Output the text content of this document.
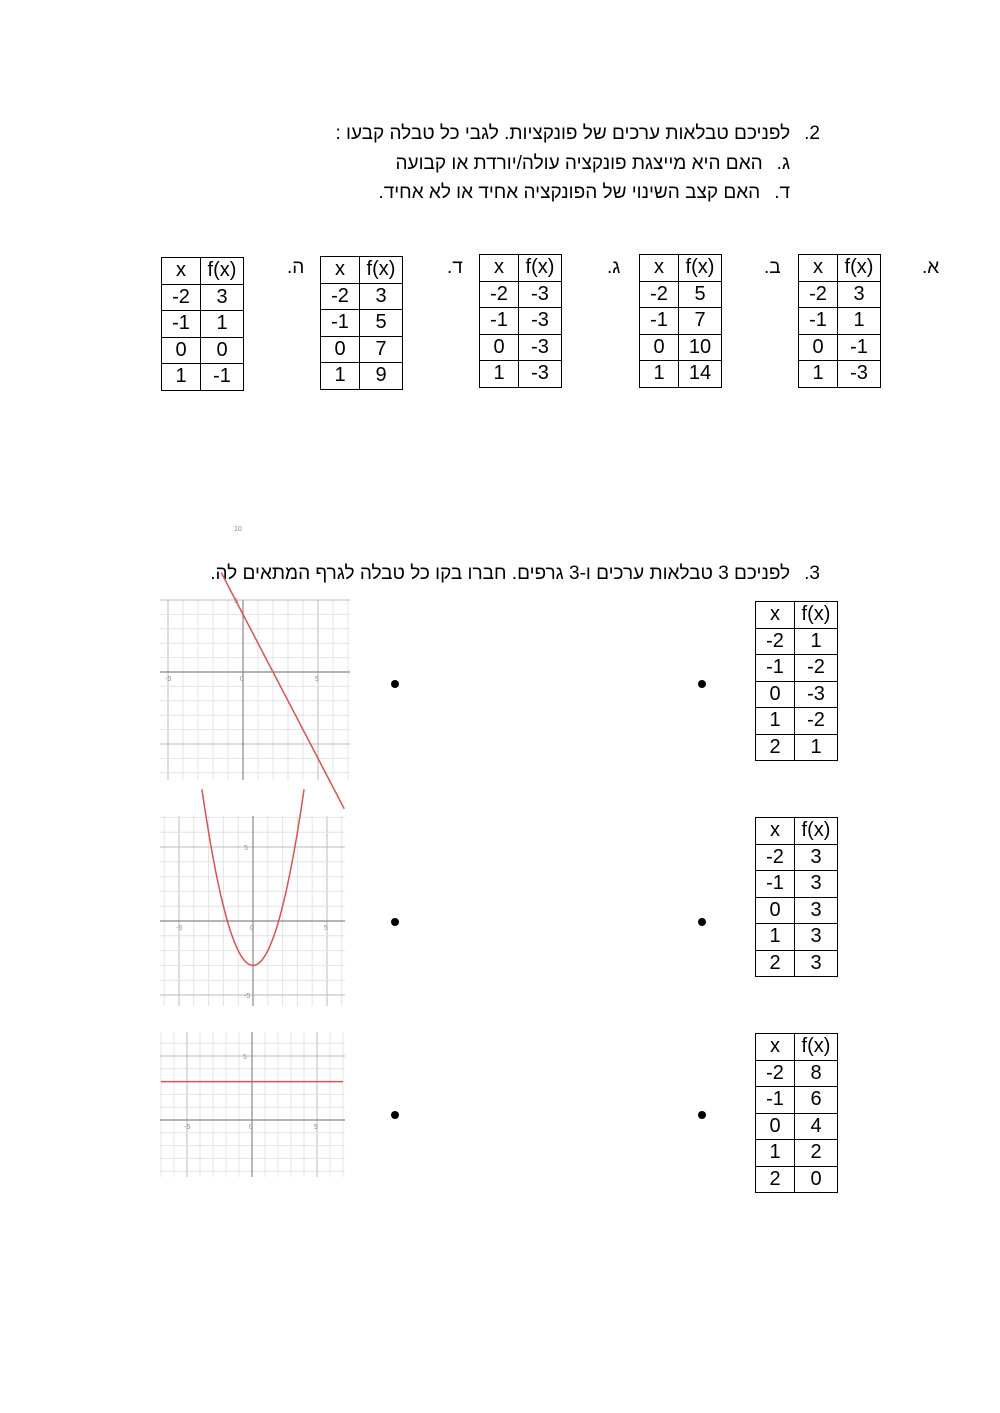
2.לפניכם טבלאות ערכים של פונקציות. לגבי כל טבלה קבעו :
ג.האם היא מייצגת פונקציה עולה/יורדת או קבועה
ד.האם קצב השינוי של הפונקציה אחיד או לא אחיד.
א.
x	f(x)
-2	3
-1	1
0	-1
1	-3
ב.
x	f(x)
-2	5
-1	7
0	10
1	14
ג.
x	f(x)
-2	-3
-1	-3
0	-3
1	-3
ד.
x	f(x)
-2	3
-1	5
0	7
1	9
ה.
x	f(x)
-2	3
-1	1
0	0
1	-1
3.לפניכם 3 טבלאות ערכים ו-3 גרפים. חברו בקו כל טבלה לגרף המתאים לה.
x	f(x)
-2	1
-1	-2
0	-3
1	-2
2	1
x	f(x)
-2	3
-1	3
0	3
1	3
2	3
x	f(x)
-2	8
-1	6
0	4
1	2
2	0
-5	0	5
10
5
-5	0	5
5
-5
-5	0	5
5
